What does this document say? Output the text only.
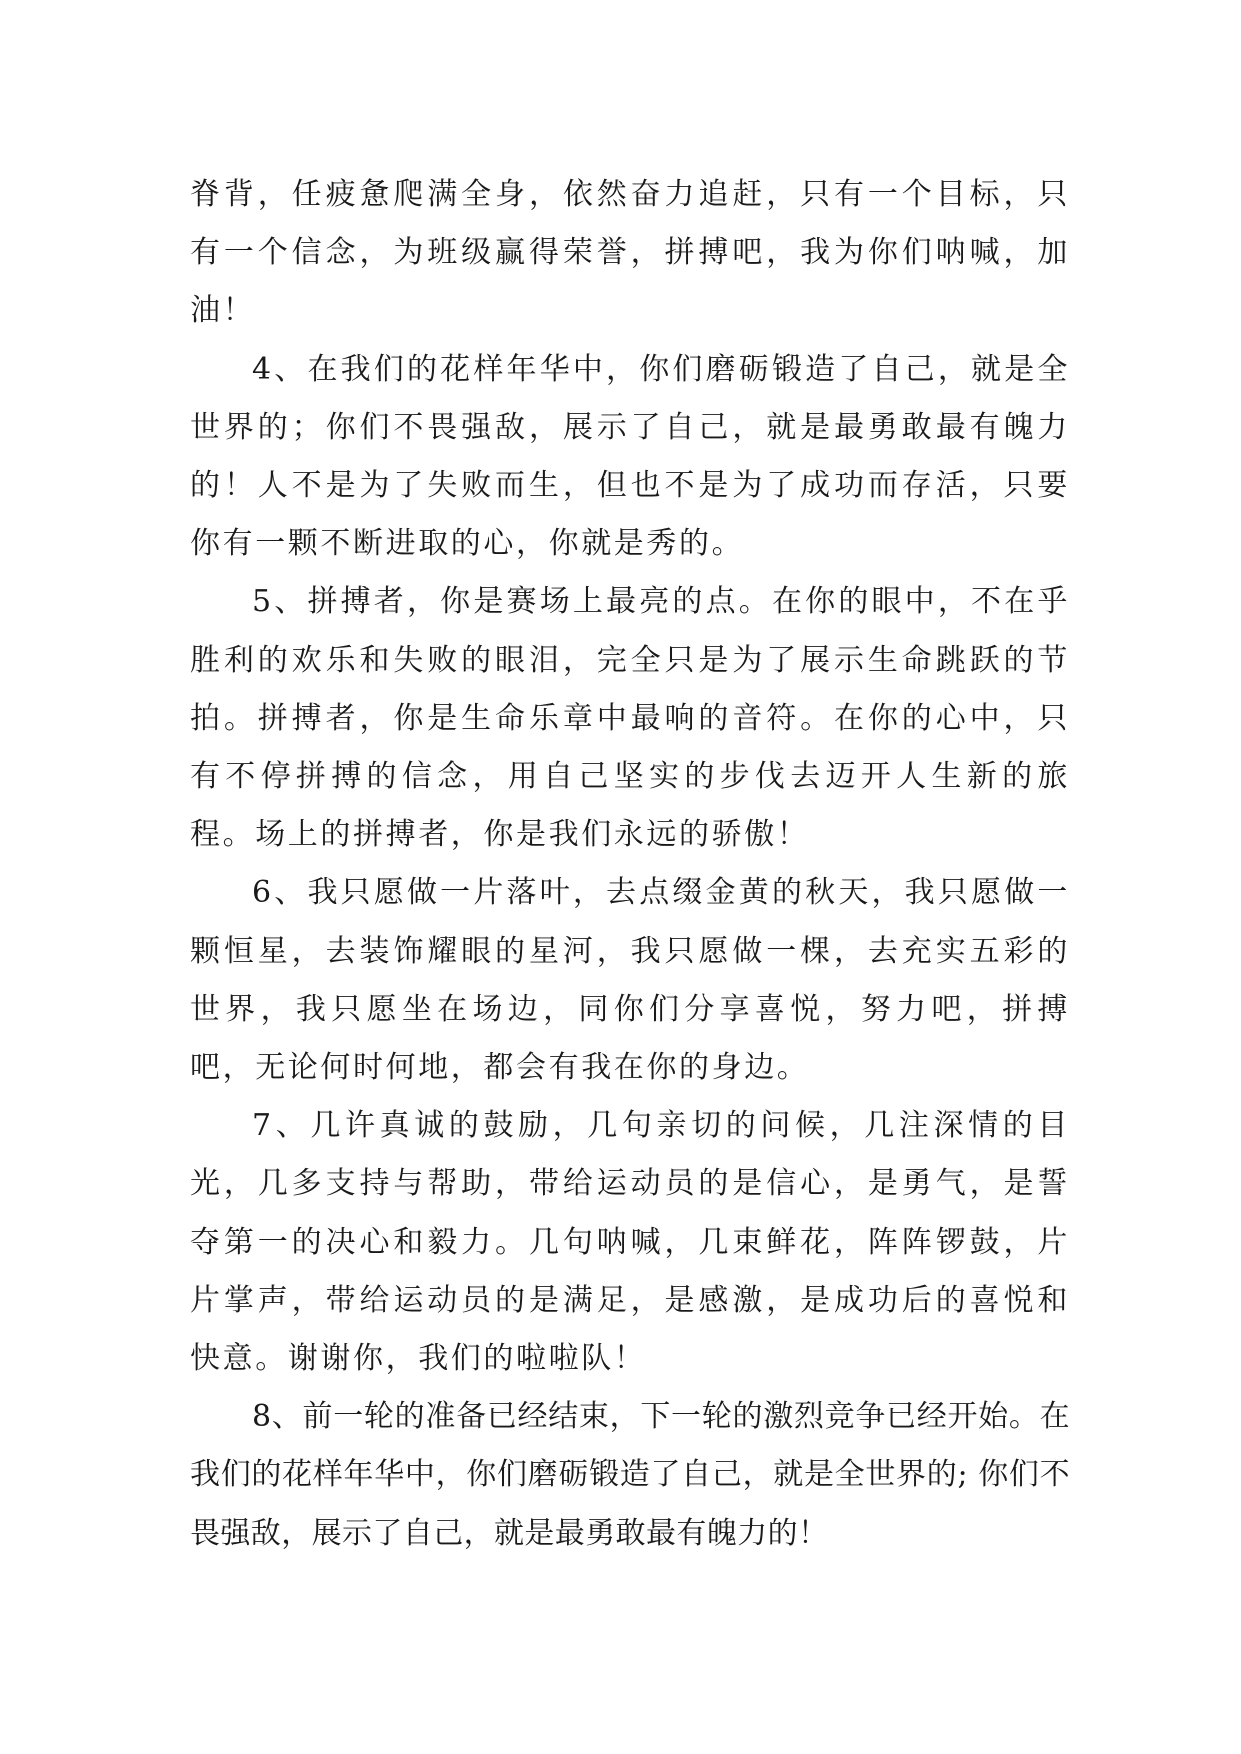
脊背，任疲惫爬满全身，依然奋力追赶，只有一个目标，只有一个信念，为班级赢得荣誉，拼搏吧，我为你们呐喊，加油！

4、在我们的花样年华中，你们磨砺锻造了自己，就是全世界的；你们不畏强敌，展示了自己，就是最勇敢最有魄力的！人不是为了失败而生，但也不是为了成功而存活，只要你有一颗不断进取的心，你就是秀的。

5、拼搏者，你是赛场上最亮的点。在你的眼中，不在乎胜利的欢乐和失败的眼泪，完全只是为了展示生命跳跃的节拍。拼搏者，你是生命乐章中最响的音符。在你的心中，只有不停拼搏的信念，用自己坚实的步伐去迈开人生新的旅程。场上的拼搏者，你是我们永远的骄傲！

6、我只愿做一片落叶，去点缀金黄的秋天，我只愿做一颗恒星，去装饰耀眼的星河，我只愿做一棵，去充实五彩的世界，我只愿坐在场边，同你们分享喜悦，努力吧，拼搏吧，无论何时何地，都会有我在你的身边。

7、几许真诚的鼓励，几句亲切的问候，几注深情的目光，几多支持与帮助，带给运动员的是信心，是勇气，是誓夺第一的决心和毅力。几句呐喊，几束鲜花，阵阵锣鼓，片片掌声，带给运动员的是满足，是感激，是成功后的喜悦和快意。谢谢你，我们的啦啦队！

8、前一轮的准备已经结束，下一轮的激烈竞争已经开始。在我们的花样年华中，你们磨砺锻造了自己，就是全世界的; 你们不畏强敌，展示了自己，就是最勇敢最有魄力的！
